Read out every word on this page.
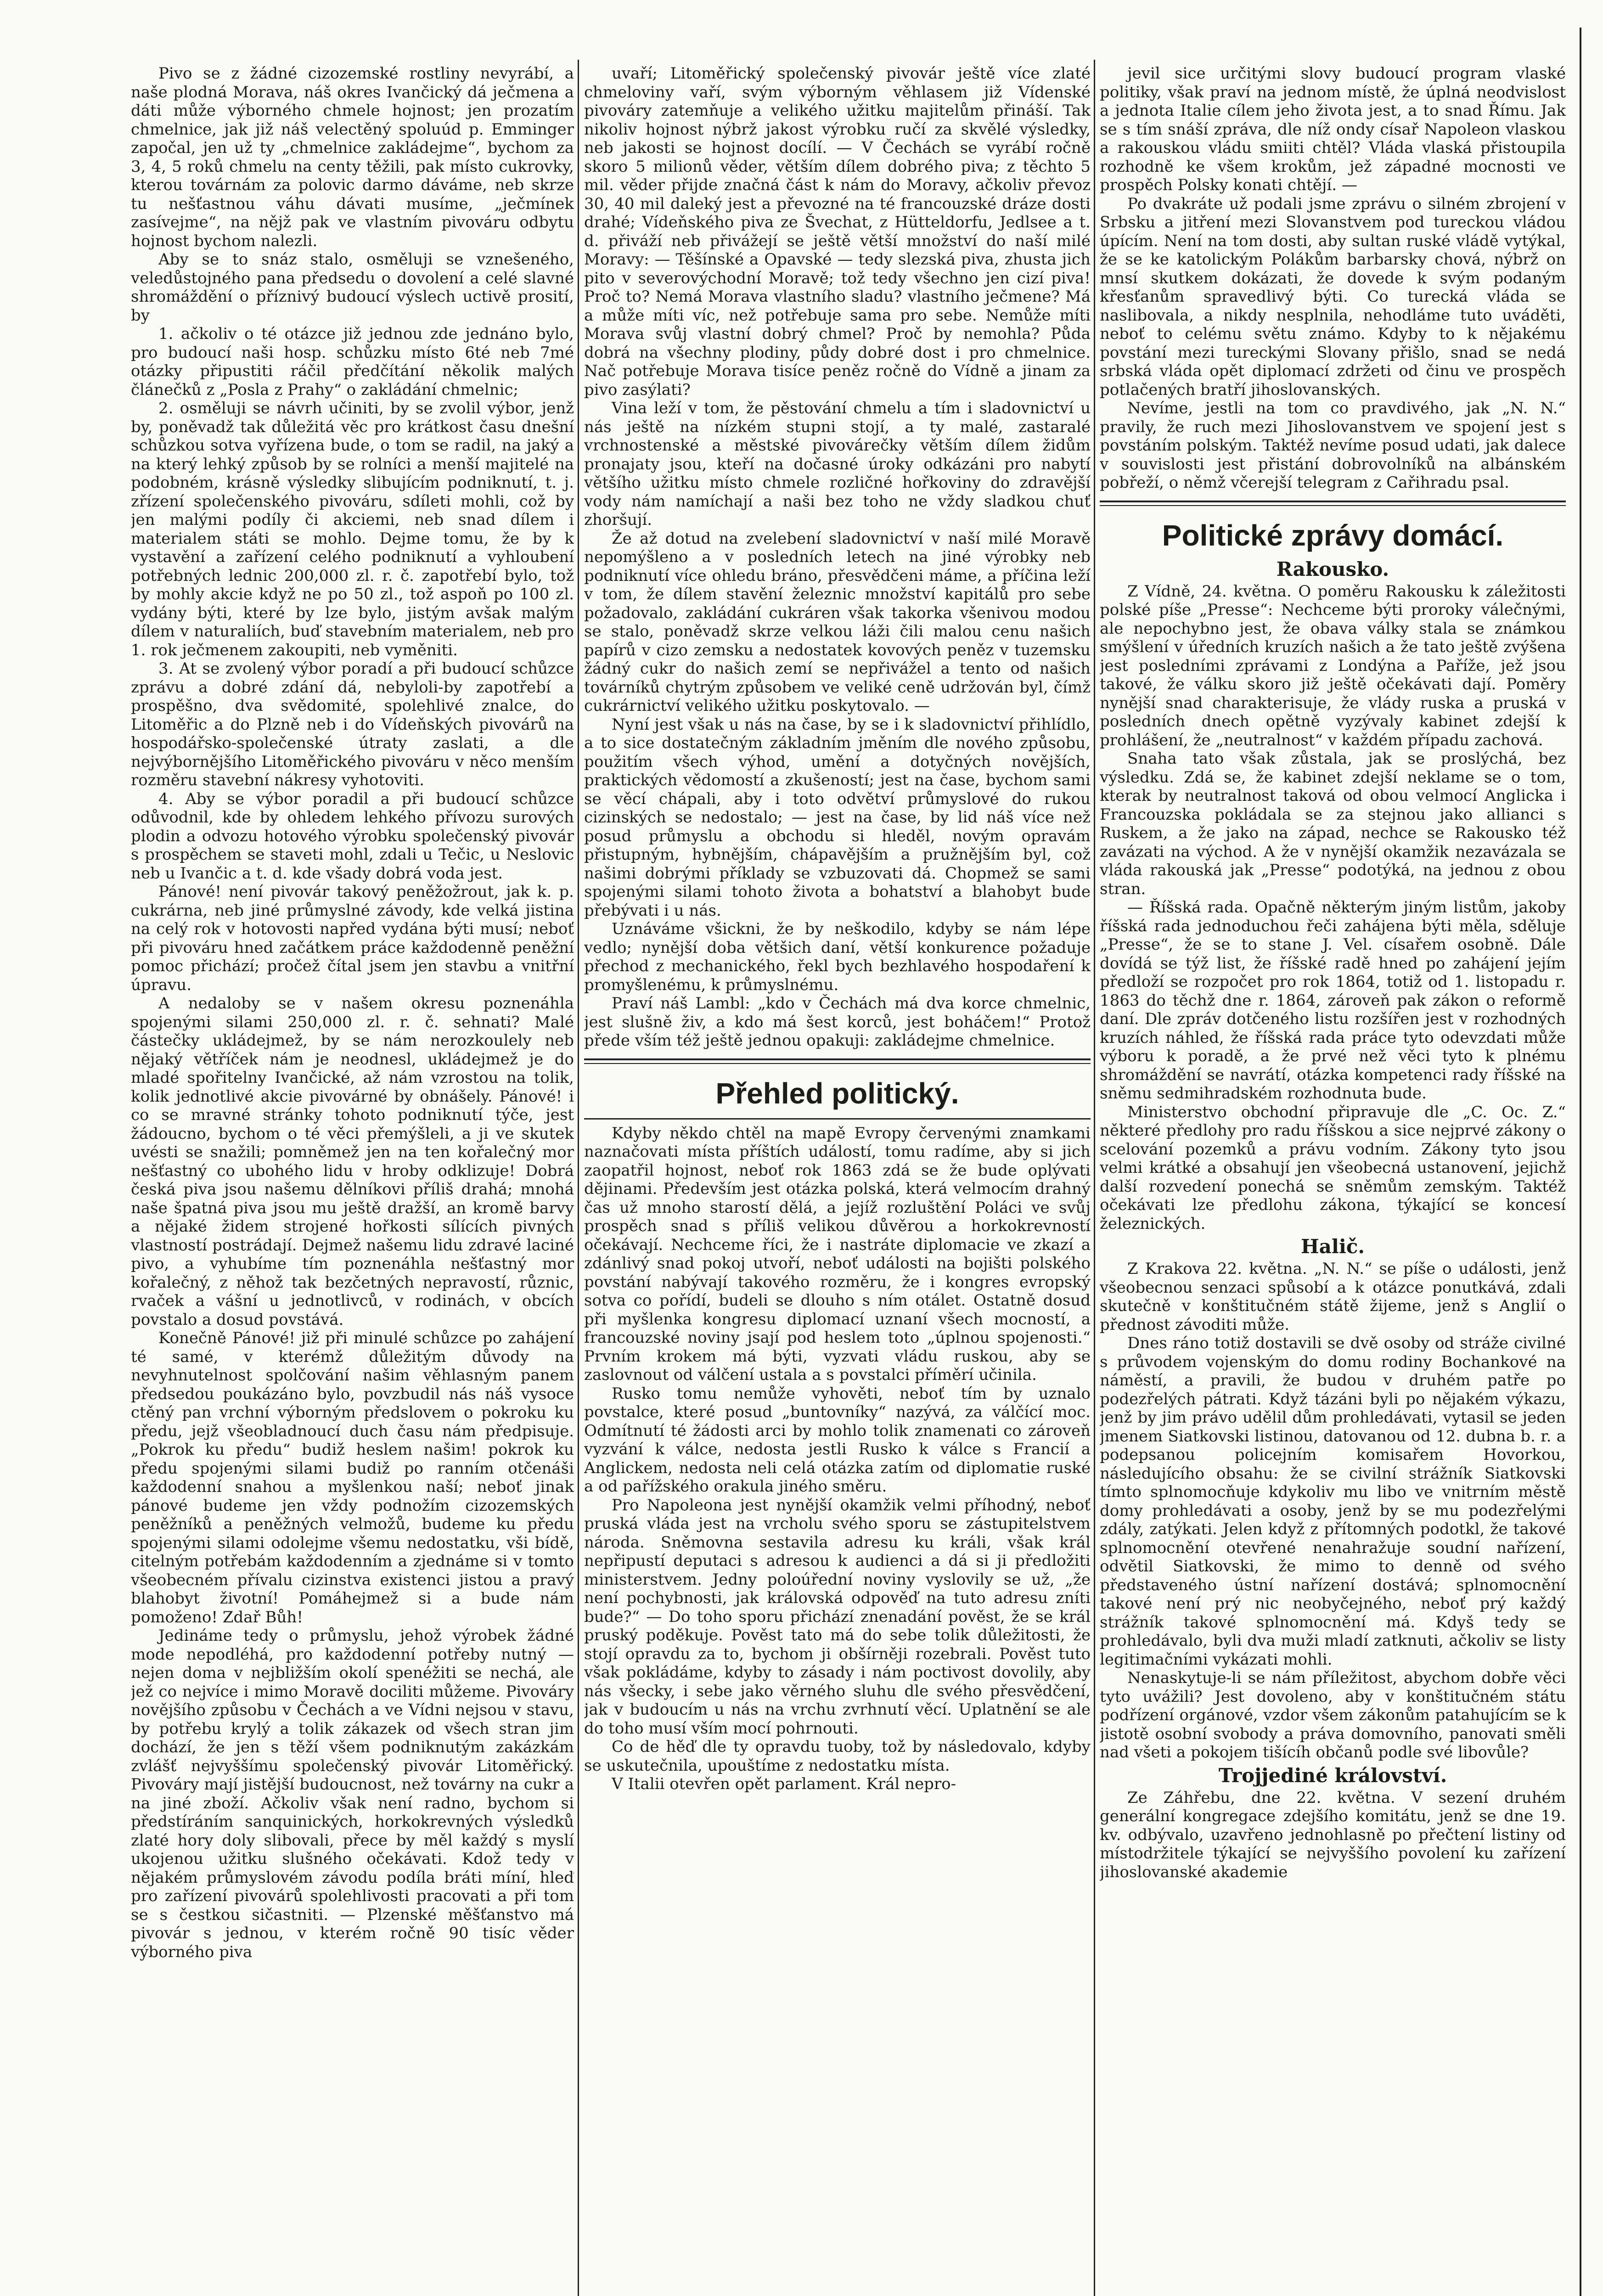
Pivo se z žádné cizozemské rostliny nevyrábí, a naše plodná Morava, náš okres Ivančický dá ječmena a dáti může výborného chmele hojnost; jen prozatím chmelnice, jak již náš velectěný spoluúd p. Emminger započal, jen už ty „chmelnice zakládejme“, bychom za 3, 4, 5 roků chmelu na centy těžili, pak místo cukrovky, kterou továrnám za polovic darmo dáváme, neb skrze tu nešťastnou váhu dávati musíme, „ječmínek zasívejme“, na nějž pak ve vlastním pivováru odbytu hojnost bychom nalezli.

Aby se to snáz stalo, osměluji se vznešeného, veledůstojného pana předsedu o dovolení a celé slavné shromáždění o přízniv​ý budoucí výslech uctivě prosití, by

1. ačkoliv o té otázce již jednou zde jednáno bylo, pro budoucí naši hosp. schůzku místo 6té neb 7mé otázky připustiti ráčil předčítání několik malých článečků z „Posla z Prahy“ o zakládání chmelnic;

2. osměluji se návrh učiniti, by se zvolil výbor, jenž by, poněvadž tak důležitá věc pro krátkost času dnešní schůzkou sotva vyřízena bude, o tom se radil, na jaký a na který lehký způsob by se rolníci a menší majitelé na podobném, krásně výsledky slibujícím podniknutí, t. j. zřízení společenského pivováru, sdíleti mohli, což by jen malými podíly či akciemi, neb snad dílem i materialem státi se mohlo. Dejme tomu, že by k vystavění a zařízení celého podniknutí a vyhloubení potřebných lednic 200,000 zl. r. č. zapotřebí bylo, tož by mohly akcie když ne po 50 zl., tož aspoň po 100 zl. vydány býti, které by lze bylo, jistým avšak malým dílem v naturaliích, buď stavebním materialem, neb pro 1. rok ječmenem zakoupiti, neb vyměniti.

3. At se zvolený výbor poradí a při budoucí schůzce zprávu a dobré zdání dá, nebyloli-by zapotřebí a prospěšno, dva svědomité, spolehlivé znalce, do Litoměřic a do Plzně neb i do Vídeňských pivovárů na hospodářsko-společenské útraty zaslati, a dle nejvýbornějšího Litoměřického pivováru v něco menším rozměru stavební nákresy vyhotoviti.

4. Aby se výbor poradil a při budoucí schůzce odůvodnil, kde by ohledem lehkého přívozu surových plodin a odvozu hotového výrobku společenský pivovár s prospěchem se staveti mohl, zdali u Tečic, u Neslovic neb u Ivančic a t. d. kde všady dobrá voda jest.

Pánové! není pivovár takový peněžožrout, jak k. p. cukrárna, neb jiné průmyslné závody, kde velká jistina na celý rok v hotovosti napřed vydána býti musí; neboť při pivováru hned začátkem práce každodenně peněžní pomoc přichází; pročež čítal jsem jen stavbu a vnitřní úpravu.

A nedaloby se v našem okresu poznenáhla spojenými silami 250,000 zl. r. č. sehnati? Malé částečky ukládejmež, by se nám nerozkoulely neb nějaký větříček nám je neodnesl, ukládejmež je do mladé spořitelny Ivančické, až nám vzrostou na tolik, kolik jednotlivé akcie pivovárné by obnášely. Pánové! i co se mravné stránky tohoto podniknutí týče, jest žádoucno, bychom o té věci přemýšleli, a ji ve skutek uvésti se snažili; pomněmež jen na ten kořalečný mor nešťastný co ubohého lidu v hroby odklizuje! Dobrá česká piva jsou našemu dělníkovi příliš drahá; mnohá naše špatná piva jsou mu ještě dražší, an kromě barvy a nějaké židem strojené hořkosti sílících pivných vlastností postrádají. Dejmež našemu lidu zdravé laciné pivo, a vyhubíme tím poznenáhla nešťastný mor kořalečný, z něhož tak bezčetných nepravostí, různic, rvaček a vášní u jednotlivců, v rodinách, v obcích povstalo a dosud povstává.

Konečně Pánové! již při minulé schůzce po zahájení té samé, v kterémž důležitým důvody na nevyhnutelnost spolčování našim věhlasným panem předsedou poukázáno bylo, povzbudil nás náš vysoce ctěný pan vrchní výborným předslovem o pokroku ku předu, jejž všeobladnoucí duch času nám předpisuje. „Pokrok ku předu“ budiž heslem našim! pokrok ku předu spojenými silami budiž po ranním otčenáši každodenní snahou a myšlenkou naší; neboť jinak pánové budeme jen vždy podnožím cizozemských peněžníků a peněžných velmožů, budeme ku předu spojenými silami odolejme všemu nedostatku, vši bídě, citelným potřebám každodenním a zjednáme si v tomto všeobecném přívalu cizinstva existenci jistou a pravý blahobyt životní! Pomáhejmež si a bude nám pomoženo! Zdař Bůh!

Jedináme tedy o průmyslu, jehož výrobek žádné mode nepodléhá, pro každodenní potřeby nutný — nejen doma v nejbližším okolí spenéžiti se nechá, ale jež co nejvíce i mimo Moravě dociliti můžeme. Pivováry novějšího způsobu v Čechách a ve Vídni nejsou v stavu, by potřebu krylý a tolik zákazek od všech stran jim dochází, že jen s těží všem podniknutým zakázkám zvlášť nejvyššímu společenský pivovár Litoměřický. Pivováry mají jistější budoucnost, než továrny na cukr a na jiné zboží. Ačkoliv však není radno, bychom si předstíráním sanquinických, horkokrevných výsledků zlaté hory doly slibovali, přece by měl každý s myslí ukojenou užitku slušného očekávati. Kdož tedy v nějakém průmyslovém závodu podíla bráti míní, hleď pro zařízení pivovárů spolehlivosti pracovati a při tom se s čestkou sičastniti. — Plzenské měšťanstvo má pivovár s jednou, v kterém ročně 90 tisíc věder výborného piva

uvaří; Litoměřický společenský pivovár ještě více zlaté chmeloviny vaří, svým výborným věhlasem již Vídenské pivováry zatemňuje a velikého užitku majitelům přináší. Tak nikoliv hojnost nýbrž jakost výrobku ručí za skvělé výsledky, neb jakosti se hojnost docílí. — V Čechách se vyrábí ročně skoro 5 milionů věder, větším dílem dobrého piva; z těchto 5 mil. věder přijde značná část k nám do Moravy, ačkoliv převoz 30, 40 mil daleký jest a převozné na té francouzské dráze dosti drahé; Vídeňského piva ze Švechat, z Hütteldorfu, Jedlsee a t. d. přiváží neb přivážejí se ještě větší množství do naší milé Moravy: — Těšínské a Opavské — tedy slezská piva, zhusta jich pito v severovýchodní Moravě; tož tedy všechno jen cizí piva! Proč to? Nemá Morava vlastního sladu? vlastního ječmene? Má a může míti víc, než potřebuje sama pro sebe. Nemůže míti Morava svůj vlastní dobrý chmel? Proč by nemohla? Půda dobrá na všechny plodiny, půdy dobré dost i pro chmelnice. Nač potřebuje Morava tisíce peněz ročně do Vídně a jinam za pivo zasýlati?

Vina leží v tom, že pěstování chmelu a tím i sladovnictví u nás ještě na nízkém stupni stojí, a ty malé, zastaralé vrchnostenské a městské pivovárečky větším dílem židům pronajaty jsou, kteří na dočasné úroky odkázáni pro nabytí většího užitku místo chmele rozličné hořkoviny do zdravější vody nám namíchají a naši bez toho ne vždy sladkou chuť zhoršují.

Že až dotud na zvelebení sladovnictví v naší milé Moravě nepomýšleno a v posledních letech na jiné výrobky neb podniknutí více ohledu bráno, přesvědčeni máme, a příčina leží v tom, že dílem stavění železnic množství kapitálů pro sebe požadovalo, zakládání cukráren však takorka všenivou modou se stalo, poněvadž skrze velkou láži čili malou cenu našich papírů v cizo zemsku a nedostatek kovových peněz v tuzemsku žádný cukr do našich zemí se nepřivážel a tento od našich továrníků chytrým způsobem ve veliké ceně udržován byl, čímž cukrárnictví velikého užitku poskytovalo. —

Nyní jest však u nás na čase, by se i k sladovnictví přihlídlo, a to sice dostatečným základním jměním dle nového způsobu, použitím všech výhod, umění a dotyčných novějších, praktických vědomostí a zkušeností; jest na čase, bychom sami se věcí chápali, aby i toto odvětví průmyslové do rukou cizinských se nedostalo; — jest na čase, by lid náš více než posud průmyslu a obchodu si hleděl, novým opravám přistupným, hybnějším, chápavějším a pružnějším byl, což našimi dobrými příklady se vzbuzovati dá. Chopmež se sami spojenými silami tohoto života a bohatství a blahobyt bude přebývati i u nás.

Uznáváme všickni, že by neškodilo, kdyby se nám lépe vedlo; nynější doba většich daní, větší konkurence požaduje přechod z mechanického, řekl bych bezhlavého hospodaření k promyšlenému, k průmyslnému.

Praví náš Lambl: „kdo v Čechách má dva korce chmelnic, jest slušně živ, a kdo má šest korců, jest boháčem!“ Protož přede vším též ještě jednou opakuji: zakládejme chmelnice.

Přehled politický.

Kdyby někdo chtěl na mapě Evropy červenými znamkami naznačovati místa příštích událostí, tomu radíme, aby si jich zaopatřil hojnost, neboť rok 1863 zdá se že bude oplývati dějinami. Především jest otázka polská, která velmocím drahný čas už mnoho starostí dělá, a jejíž rozluštění Poláci ve svůj prospěch snad s příliš velikou důvěrou a horkokrevností očekávají. Nechceme říci, že i nastráte diplomacie ve zkazí a zdánlivý snad pokoj utvoří, neboť události na bojišti polského povstání nabývají takového rozměru, že i kongres evropský sotva co pořídí, budeli se dlouho s ním otálet. Ostatně dosud při myšlenka kongresu diplomací uznaní všech mocností, a francouzské noviny jsají pod heslem toto „úplnou spojenosti.“ Prvním krokem má býti, vyzvati vládu ruskou, aby se zaslovnout od válčení ustala a s povstalci příměrí učinila.

Rusko tomu nemůže vyhověti, neboť tím by uznalo povstalce, které posud „buntovníky“ nazývá, za válčící moc. Odmítnutí té žádosti arci by mohlo tolik znamenati co zároveň vyzvání k válce, nedosta jestli Rusko k válce s Francií a Anglickem, nedosta neli celá otázka zatím od diplomatie ruské a od pařížského orakula jiného směru.

Pro Napoleona jest nynější okamžik velmi příhodný, neboť pruská vláda jest na vrcholu svého sporu se zástupitelstvem národa. Sněmovna sestavila adresu ku králi, však král nepřipustí deputaci s adresou k audienci a dá si ji předložiti ministerstvem. Jedny poloúřední noviny vyslovily se už, „že není pochybnosti, jak královská odpověď na tuto adresu zníti bude?“ — Do toho sporu přichází znenadání pověst, že se král pruský poděkuje. Pověst tato má do sebe tolik důležitosti, že stojí opravdu za to, bychom ji obšírněji rozebrali. Pověst tuto však pokládáme, kdyby to zásady i nám poctivost dovolily, aby nás všecky, i sebe jako věrného sluhu dle svého přesvědčení, jak v budoucím u nás na vrchu zvrhnutí věcí. Uplatnění se ale do toho musí vším mocí pohrnouti.

Co de hěď dle ty opravdu tuoby, tož by následovalo, kdyby se uskutečnila, upouštíme z nedostatku místa.

V Italii otevřen opět parlament. Král nepro-

jevil sice určitými slovy budoucí program vlaské politiky, však praví na jednom místě, že úplná neodvislost a jednota Italie cílem jeho života jest, a to snad Římu. Jak se s tím snáší zpráva, dle níž ondy císař Napoleon vlaskou a rakouskou vládu smiiti chtěl? Vláda vlaská přistoupila rozhodně ke všem krokům, jež západné mocnosti ve prospěch Polsky konati chtějí. —

Po dvakráte už podali jsme zprávu o silném zbrojení v Srbsku a jitření mezi Slovanstvem pod tureckou vládou úpícím. Není na tom dosti, aby sultan ruské vládě vytýkal, že se ke katolickým Polákům barbarsky chová, nýbrž on mnsí skutkem dokázati, že dovede k svým podaným křesťanům spravedlivý býti. Co turecká vláda se naslibovala, a nikdy nesplnila, nehodláme tuto uváděti, neboť to celému světu známo. Kdyby to k nějakému povstání mezi tureckými Slovany přišlo, snad se nedá srbská vláda opět diplomací zdržeti od činu ve prospěch potlačených bratří jihoslovanských.

Nevíme, jestli na tom co pravdivého, jak „N. N.“ pravily, že ruch mezi Jihoslovanstvem ve spojení jest s povstáním polským. Taktéž nevíme posud udati, jak dalece v souvislosti jest přistání dobrovolníků na albánském pobřeží, o němž včerejší telegram z Cařihradu psal.

Politické zprávy domácí.
Rakousko.

Z Vídně, 24. května. O poměru Rakousku k záležitosti polské píše „Presse“: Nechceme býti proroky válečnými, ale nepochybno jest, že obava války stala se známkou smýšlení v úředních kruzích našich a že tato ještě zvýšena jest posledními zprávami z Londýna a Paříže, jež jsou takové, že válku skoro již ještě očekávati dají. Poměry nynější snad charakterisuje, že vlády ruska a pruská v posledních dnech opětně vyzývaly kabinet zdejší k prohlášení, že „neutralnost“ v každém případu zachová.

Snaha tato však zůstala, jak se proslýchá, bez výsledku. Zdá se, že kabinet zdejší neklame se o tom, kterak by neutralnost taková od obou velmocí Anglicka i Francouzska pokládala se za stejnou jako allianci s Ruskem, a že jako na západ, nechce se Rakousko též zavázati na východ. A že v nynější okamžik nezavázala se vláda rakouská jak „Presse“ podotýká, na jednou z obou stran.

— Říšská rada. Opačně některým jiným listům, jakoby říšská rada jednoduchou řeči zahájena býti měla, sděluje „Presse“, že se to stane J. Vel. císařem osobně. Dále dovídá se týž list, že říšské radě hned po zahájení jejím předloží se rozpočet pro rok 1864, totiž od 1. listopadu r. 1863 do těchž dne r. 1864, zároveň pak zákon o reformě daní. Dle zpráv dotčeného listu rozšířen jest v rozhodných kruzích náhled, že říšská rada práce tyto odevzdati může výboru k poradě, a že prvé než věci tyto k plnému shromáždění se navrátí, otázka kompetenci rady říšské na sněmu sedmihradském rozhodnuta bude.

Ministerstvo obchodní připravuje dle „C. Oc. Z.“ některé předlohy pro radu říšskou a sice nejprvé zákony o scelování pozemků a právu vodním. Zákony tyto jsou velmi krátké a obsahují jen všeobecná ustanovení, jejichž další rozvedení ponechá se sněmům zemským. Taktéž očekávati lze předlohu zákona, týkající se koncesí železnických.

Halič.

Z Krakova 22. května. „N. N.“ se píše o události, jenž všeobecnou senzaci spůsobí a k otázce ponutkává, zdali skutečně v konštitučném státě žijeme, jenž s Anglií o přednost závoditi může.

Dnes ráno totiž dostavili se dvě osoby od stráže civilné s průvodem vojenským do domu rodiny Bochankové na náměstí, a pravili, že budou v druhém patře po podezřelých pátrati. Když tázáni byli po nějakém výkazu, jenž by jim právo udělil dům prohledávati, vytasil se jeden jmenem Siatkovski listinou, datovanou od 12. dubna b. r. a podepsanou policejním komisařem Hovorkou, následujícího obsahu: že se civilní strážník Siatkovski tímto splnomocňuje kdykoliv mu libo ve vnitrním městě domy prohledávati a osoby, jenž by se mu podezřelými zdály, zatýkati. Jelen když z přítomných podotkl, že takové splnomocnění otevřené nenahražuje soudní nařízení, odvětil Siatkovski, že mimo to denně od svého představeného ústní nařízení dostává; splnomocnění takové není prý nic neobyčejného, neboť prý každý strážník takové splnomocnění má. Kdyš tedy se prohledávalo, byli dva muži mladí zatknuti, ačkoliv se listy legitimačními vykázati mohli.

Nenaskytuje-li se nám příležitost, abychom dobře věci tyto uvážili? Jest dovoleno, aby v konštitučném státu podřízení orgánové, vzdor všem zákonům patahujícím se k jistotě osobní svobody a práva domovního, panovati směli nad všeti a pokojem tišícíh občanů podle své libovůle?

Trojjediné království.

Ze Záhřebu, dne 22. května. V sezení druhém generální kongregace zdejšího komitátu, jenž se dne 19. kv. odbývalo, uzavřeno jednohlasně po přečtení listiny od místodržitele týkající se nejvyššího povolení ku zařízení jihoslovanské akademie
